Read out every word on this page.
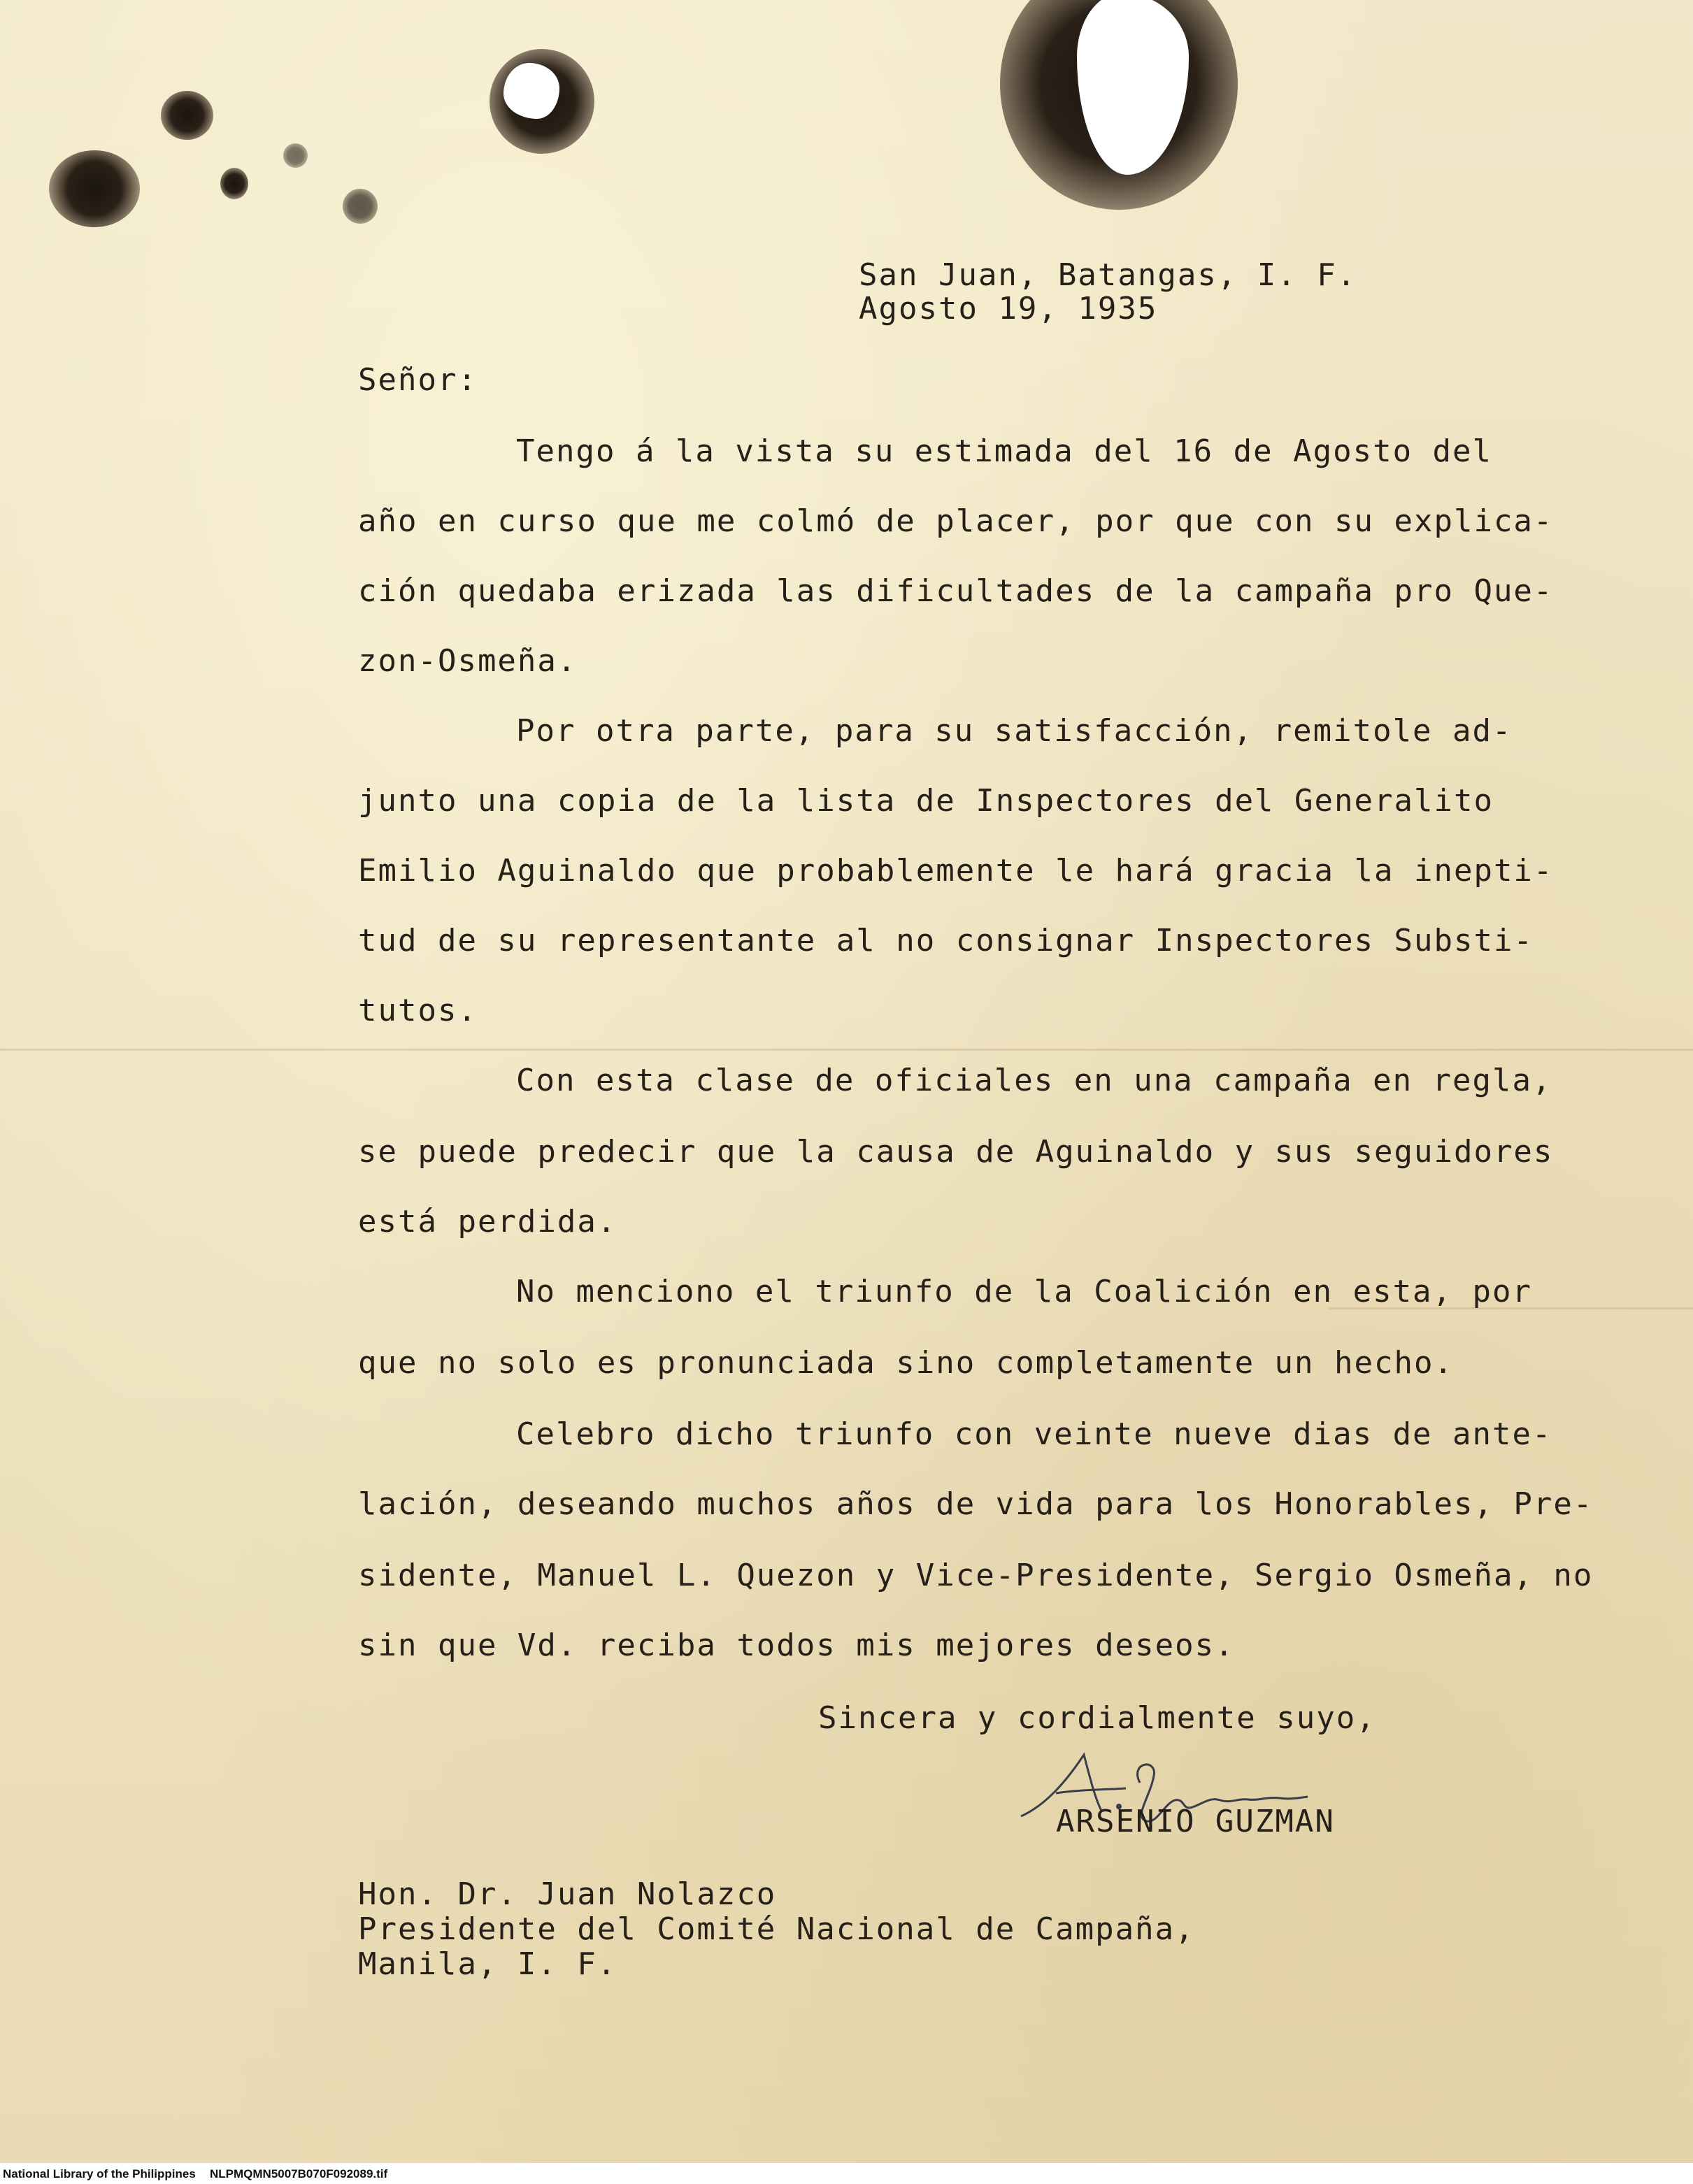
San Juan, Batangas, I. F.
Agosto 19, 1935
Señor:
Tengo á la vista su estimada del 16 de Agosto del
año en curso que me colmó de placer, por que con su explica-
ción quedaba erizada las dificultades de la campaña pro Que-
zon-Osmeña.
Por otra parte, para su satisfacción, remitole ad-
junto una copia de la lista de Inspectores del Generalito
Emilio Aguinaldo que probablemente le hará gracia la inepti-
tud de su representante al no consignar Inspectores Substi-
tutos.
Con esta clase de oficiales en una campaña en regla,
se puede predecir que la causa de Aguinaldo y sus seguidores
está perdida.
No menciono el triunfo de la Coalición en esta, por
que no solo es pronunciada sino completamente un hecho.
Celebro dicho triunfo con veinte nueve dias de ante-
lación, deseando muchos años de vida para los Honorables, Pre-
sidente, Manuel L. Quezon y Vice-Presidente, Sergio Osmeña, no
sin que Vd. reciba todos mis mejores deseos.
Sincera y cordialmente suyo,
ARSENIO GUZMAN
Hon. Dr. Juan Nolazco
Presidente del Comité Nacional de Campaña,
Manila, I. F.
National Library of the Philippines NLPMQMN5007B070F092089.tif
